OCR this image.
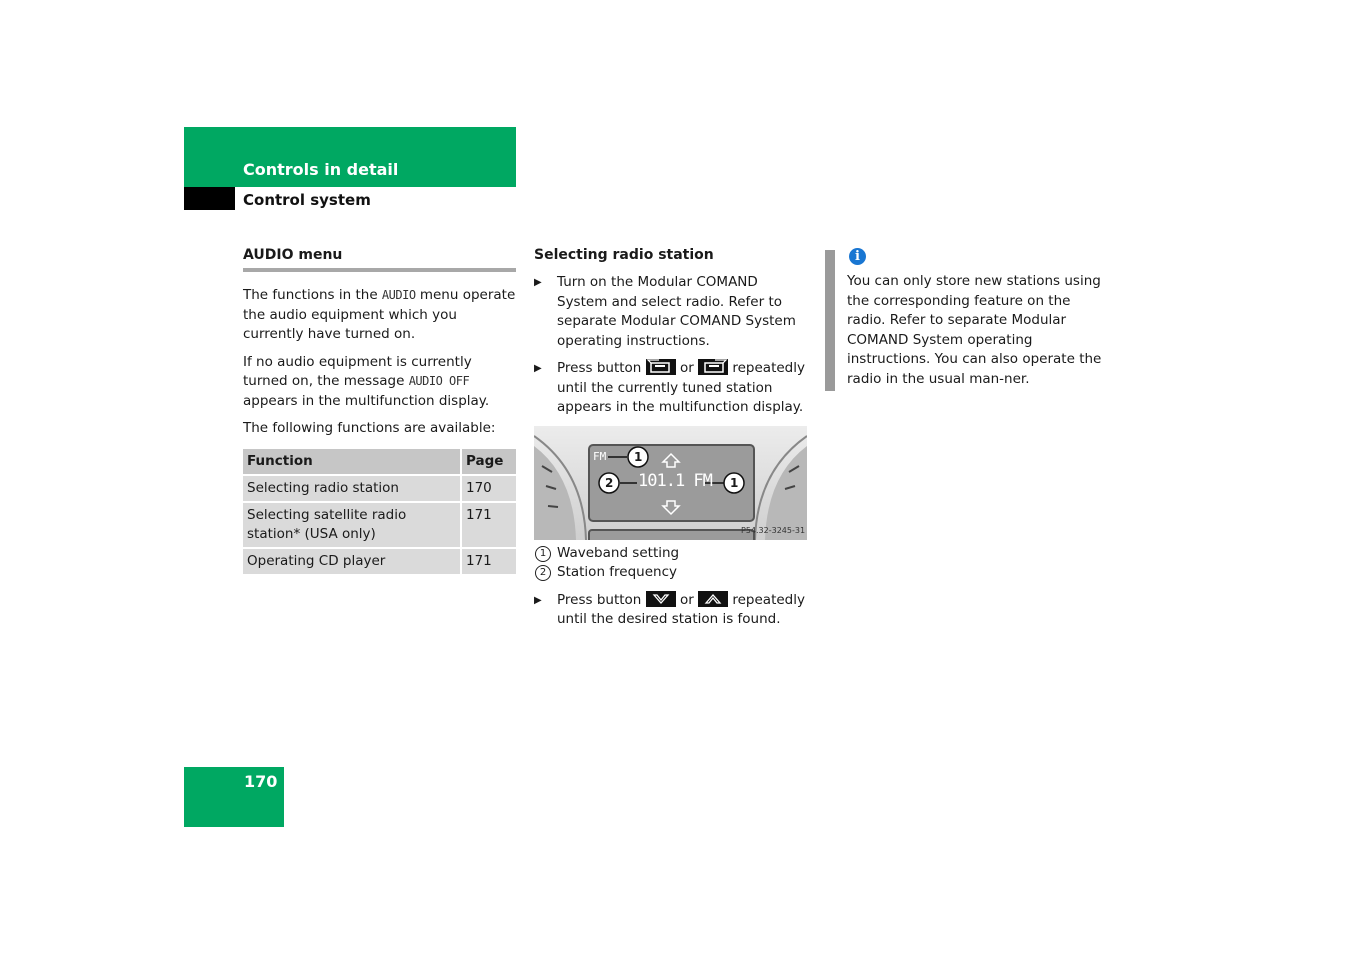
Controls in detail
Control system
AUDIO menu

The functions in the AUDIO menu operate the audio equipment which you currently have turned on.

If no audio equipment is currently turned on, the message AUDIO OFF appears in the multifunction display.

The following functions are available:

Function	Page
Selecting radio station	170
Selecting satellite radio station* (USA only)	171
Operating CD player	171
Selecting radio station
▶ Turn on the Modular COMAND System and select radio. Refer to separate Modular COMAND System operating instructions.
▶ Press button	or	repeatedly until the currently tuned station appears in the multifunction display.
FM
101.1 FM
1
2	1
P54.32-3245-31
1 Waveband setting
2 Station frequency
▶ Press button	or	repeatedly until the desired station is found.
i
You can only store new stations using the corresponding feature on the radio. Refer to separate Modular COMAND System operating instructions. You can also operate the radio in the usual man-ner.
170
